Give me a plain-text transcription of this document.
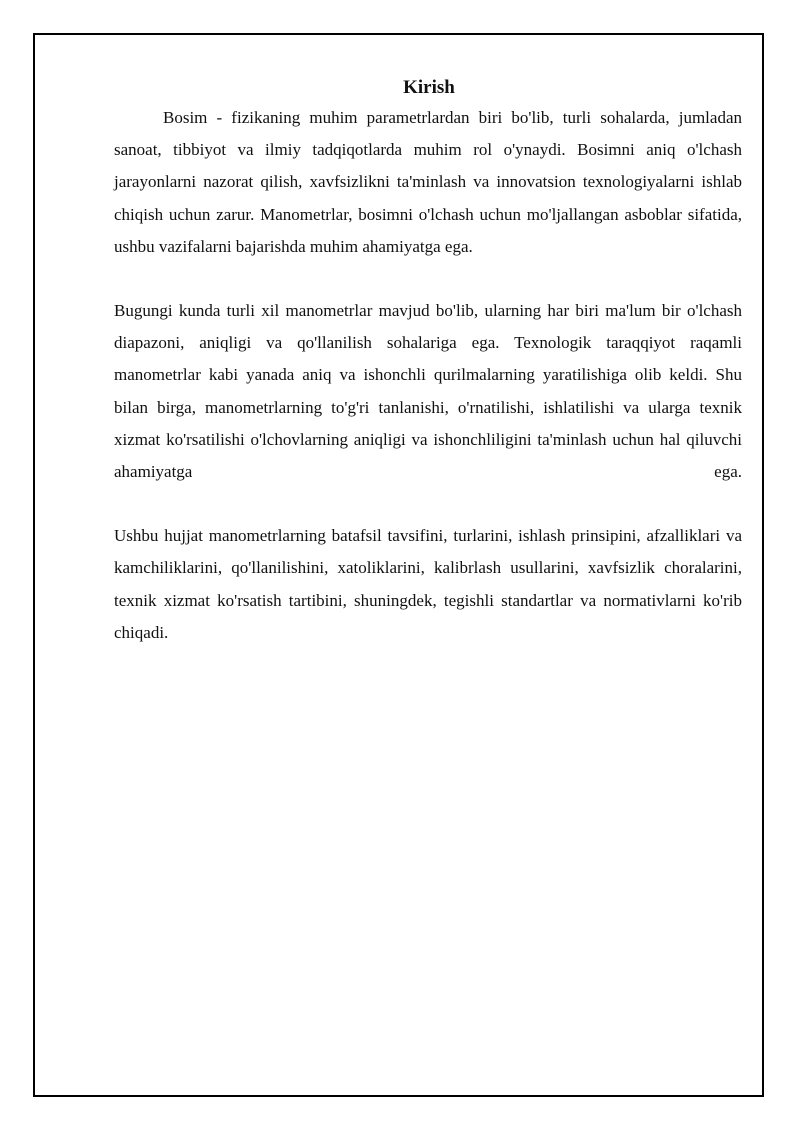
Kirish

Bosim - fizikaning muhim parametrlardan biri bo'lib, turli sohalarda, jumladan sanoat, tibbiyot va ilmiy tadqiqotlarda muhim rol o'ynaydi. Bosimni aniq o'lchash jarayonlarni nazorat qilish, xavfsizlikni ta'minlash va innovatsion texnologiyalarni ishlab chiqish uchun zarur. Manometrlar, bosimni o'lchash uchun mo'ljallangan asboblar sifatida, ushbu vazifalarni bajarishda muhim ahamiyatga ega.

Bugungi kunda turli xil manometrlar mavjud bo'lib, ularning har biri ma'lum bir o'lchash diapazoni, aniqligi va qo'llanilish sohalariga ega. Texnologik taraqqiyot raqamli manometrlar kabi yanada aniq va ishonchli qurilmalarning yaratilishiga olib keldi. Shu bilan birga, manometrlarning to'g'ri tanlanishi, o'rnatilishi, ishlatilishi va ularga texnik xizmat ko'rsatilishi o'lchovlarning aniqligi va ishonchliligini ta'minlash uchun hal qiluvchi ahamiyatga ega.

Ushbu hujjat manometrlarning batafsil tavsifini, turlarini, ishlash prinsipini, afzalliklari va kamchiliklarini, qo'llanilishini, xatoliklarini, kalibrlash usullarini, xavfsizlik choralarini, texnik xizmat ko'rsatish tartibini, shuningdek, tegishli standartlar va normativlarni ko'rib chiqadi.
